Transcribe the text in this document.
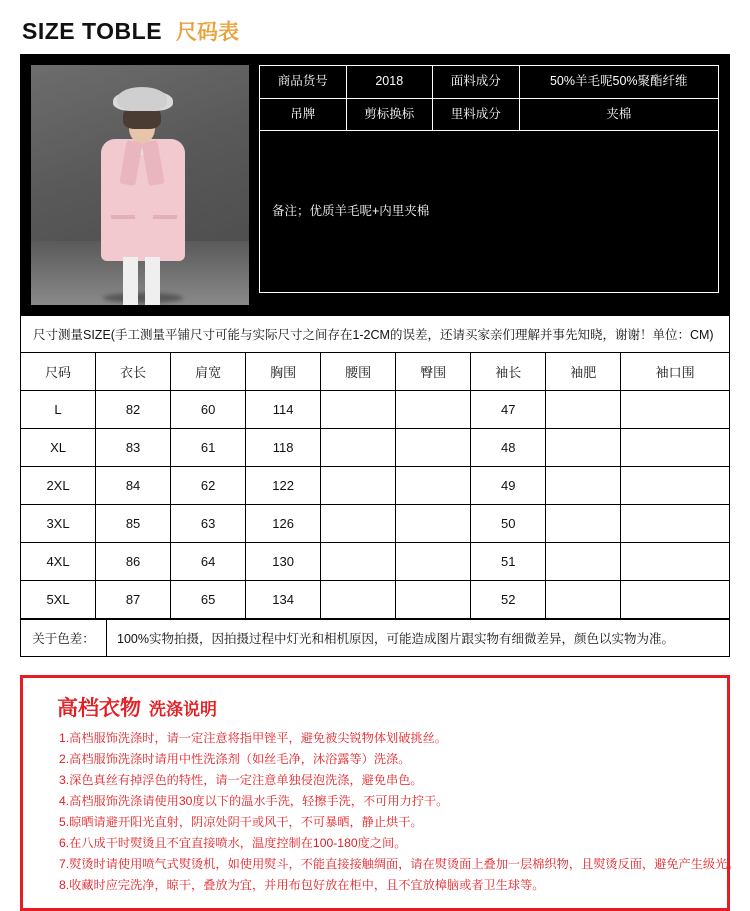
SIZE TOBLE 尺码表
商品货号	2018	面料成分	50%羊毛呢50%聚酯纤维
吊牌	剪标换标	里料成分	夹棉
备注；优质羊毛呢+内里夹棉			
尺寸测量SIZE(手工测量平铺尺寸可能与实际尺寸之间存在1-2CM的误差，还请买家亲们理解并事先知晓，谢谢！单位：CM)
尺码	衣长	肩宽	胸围	腰围	臀围	袖长	袖肥	袖口围
L	82	60	114			47		
XL	83	61	118			48		
2XL	84	62	122			49		
3XL	85	63	126			50		
4XL	86	64	130			51		
5XL	87	65	134			52		
关于色差：	100%实物拍摄，因拍摄过程中灯光和相机原因，可能造成图片跟实物有细微差异，颜色以实物为准。
高档衣物 洗涤说明
1.高档服饰洗涤时，请一定注意将指甲锉平，避免被尖锐物体划破挑丝。
2.高档服饰洗涤时请用中性洗涤剂（如丝毛净，沐浴露等）洗涤。
3.深色真丝有掉浮色的特性，请一定注意单独侵泡洗涤，避免串色。
4.高档服饰洗涤请使用30度以下的温水手洗，轻擦手洗，不可用力拧干。
5.晾晒请避开阳光直射，阴凉处阴干或风干，不可暴晒，静止烘干。
6.在八成干时熨烫且不宜直接喷水，温度控制在100-180度之间。
7.熨烫时请使用喷气式熨烫机，如使用熨斗，不能直接接触绸面，请在熨烫面上叠加一层棉织物，且熨烫反面，避免产生级光。
8.收藏时应完洗净，晾干，叠放为宜，并用布包好放在柜中，且不宜放樟脑或者卫生球等。
